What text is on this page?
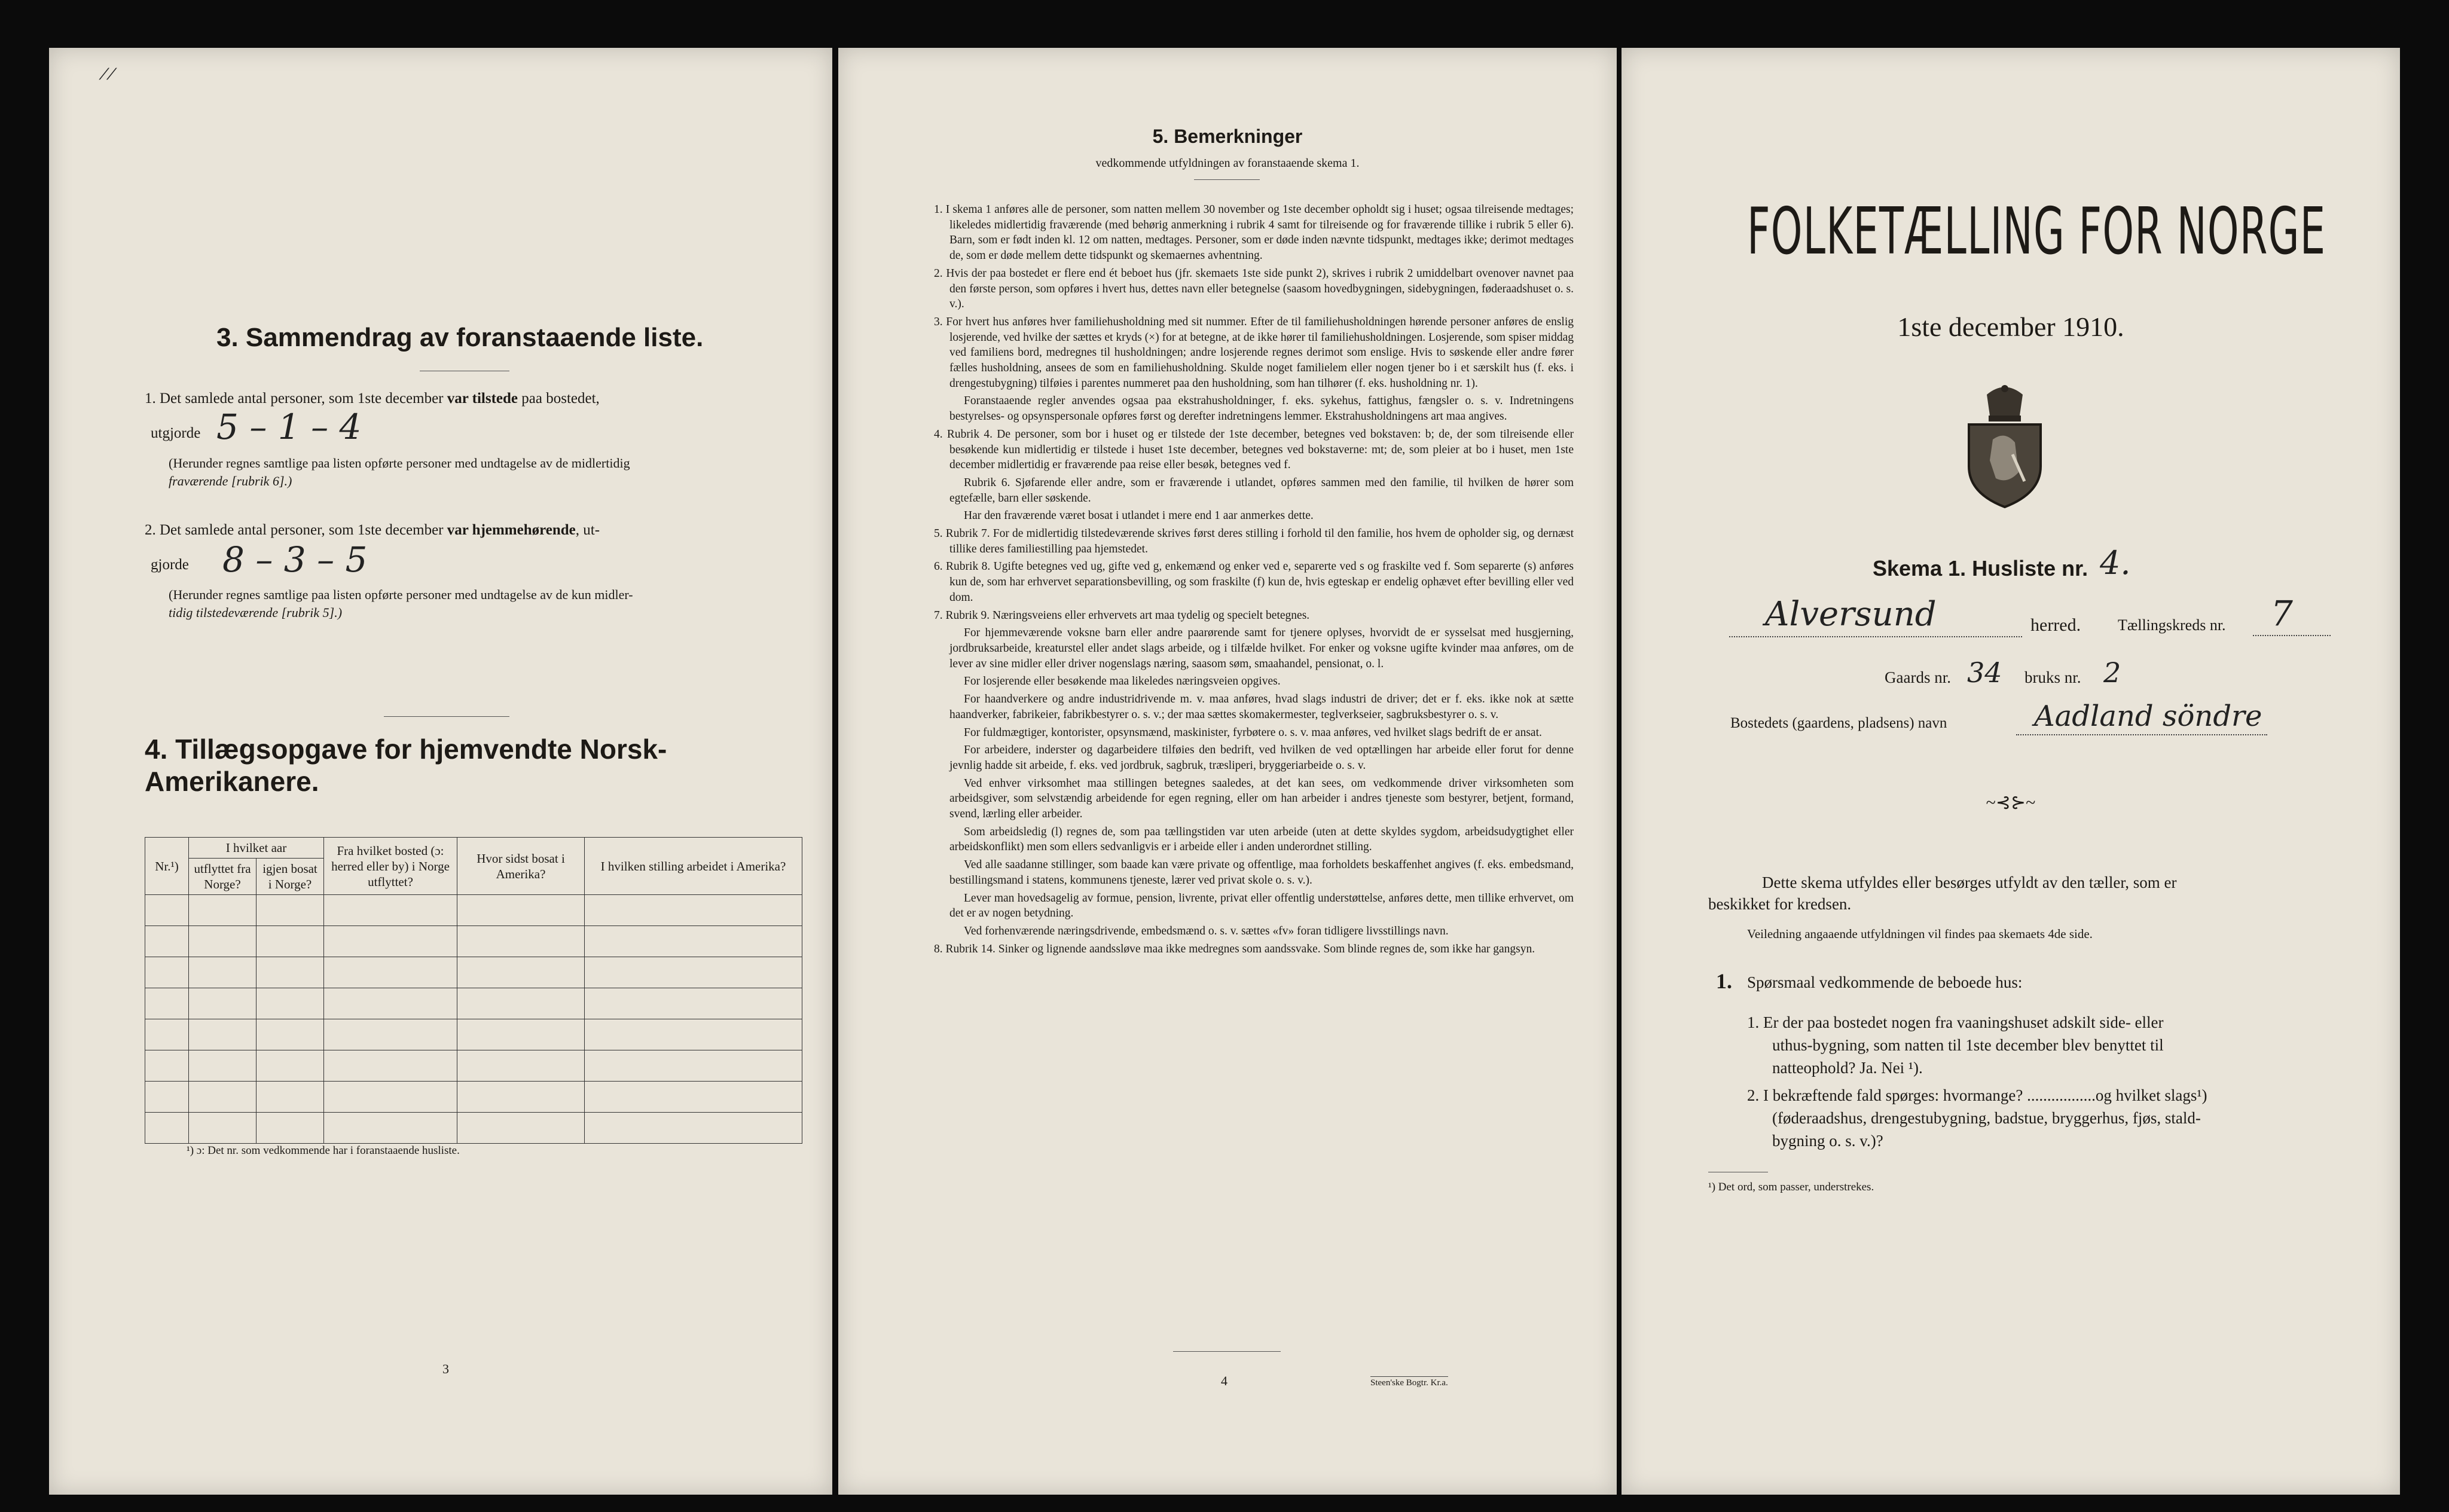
⁄ ⁄
3. Sammendrag av foranstaaende liste.
1. Det samlede antal personer, som 1ste december var tilstede paa bostedet,
utgjorde 5 – 1 – 4
(Herunder regnes samtlige paa listen opførte personer med undtagelse av de midlertidig
fraværende [rubrik 6].)
2. Det samlede antal personer, som 1ste december var hjemmehørende, ut-
gjorde 8 – 3 – 5
(Herunder regnes samtlige paa listen opførte personer med undtagelse av de kun midler-
tidig tilstedeværende [rubrik 5].)
4. Tillægsopgave for hjemvendte Norsk-Amerikanere.
Nr.¹)	I hvilket aar		Fra hvilket bosted (ɔ: herred eller by) i Norge utflyttet?	Hvor sidst bosat i Amerika?	I hvilken stilling arbeidet i Amerika?
	utflyttet fra Norge?	igjen bosat i Norge?			

¹) ɔ: Det nr. som vedkommende har i foranstaaende husliste.
3
5. Bemerkninger
vedkommende utfyldningen av foranstaaende skema 1.
1. I skema 1 anføres alle de personer, som natten mellem 30 november og 1ste december opholdt sig i huset; ogsaa tilreisende medtages; likeledes midlertidig fraværende (med behørig anmerkning i rubrik 4 samt for tilreisende og for fraværende tillike i rubrik 5 eller 6). Barn, som er født inden kl. 12 om natten, medtages. Personer, som er døde inden nævnte tidspunkt, medtages ikke; derimot medtages de, som er døde mellem dette tidspunkt og skemaernes avhentning.
2. Hvis der paa bostedet er flere end ét beboet hus (jfr. skemaets 1ste side punkt 2), skrives i rubrik 2 umiddelbart ovenover navnet paa den første person, som opføres i hvert hus, dettes navn eller betegnelse (saasom hovedbygningen, sidebygningen, føderaadshuset o. s. v.).
3. For hvert hus anføres hver familiehusholdning med sit nummer. Efter de til familiehusholdningen hørende personer anføres de enslig losjerende, ved hvilke der sættes et kryds (×) for at betegne, at de ikke hører til familiehusholdningen. Losjerende, som spiser middag ved familiens bord, medregnes til husholdningen; andre losjerende regnes derimot som enslige. Hvis to søskende eller andre fører fælles husholdning, ansees de som en familiehusholdning. Skulde noget familielem eller nogen tjener bo i et særskilt hus (f. eks. i drengestubygning) tilføies i parentes nummeret paa den husholdning, som han tilhører (f. eks. husholdning nr. 1).
Foranstaaende regler anvendes ogsaa paa ekstrahusholdninger, f. eks. sykehus, fattighus, fængsler o. s. v. Indretningens bestyrelses- og opsynspersonale opføres først og derefter indretningens lemmer. Ekstrahusholdningens art maa angives.
4. Rubrik 4. De personer, som bor i huset og er tilstede der 1ste december, betegnes ved bokstaven: b; de, der som tilreisende eller besøkende kun midlertidig er tilstede i huset 1ste december, betegnes ved bokstaverne: mt; de, som pleier at bo i huset, men 1ste december midlertidig er fraværende paa reise eller besøk, betegnes ved f.
Rubrik 6. Sjøfarende eller andre, som er fraværende i utlandet, opføres sammen med den familie, til hvilken de hører som egtefælle, barn eller søskende.
Har den fraværende været bosat i utlandet i mere end 1 aar anmerkes dette.
5. Rubrik 7. For de midlertidig tilstedeværende skrives først deres stilling i forhold til den familie, hos hvem de opholder sig, og dernæst tillike deres familiestilling paa hjemstedet.
6. Rubrik 8. Ugifte betegnes ved ug, gifte ved g, enkemænd og enker ved e, separerte ved s og fraskilte ved f. Som separerte (s) anføres kun de, som har erhvervet separationsbevilling, og som fraskilte (f) kun de, hvis egteskap er endelig ophævet efter bevilling eller ved dom.
7. Rubrik 9. Næringsveiens eller erhvervets art maa tydelig og specielt betegnes.
For hjemmeværende voksne barn eller andre paarørende samt for tjenere oplyses, hvorvidt de er sysselsat med husgjerning, jordbruksarbeide, kreaturstel eller andet slags arbeide, og i tilfælde hvilket. For enker og voksne ugifte kvinder maa anføres, om de lever av sine midler eller driver nogenslags næring, saasom søm, smaahandel, pensionat, o. l.
For losjerende eller besøkende maa likeledes næringsveien opgives.
For haandverkere og andre industridrivende m. v. maa anføres, hvad slags industri de driver; det er f. eks. ikke nok at sætte haandverker, fabrikeier, fabrikbestyrer o. s. v.; der maa sættes skomakermester, teglverkseier, sagbruksbestyrer o. s. v.
For fuldmægtiger, kontorister, opsynsmænd, maskinister, fyrbøtere o. s. v. maa anføres, ved hvilket slags bedrift de er ansat.
For arbeidere, inderster og dagarbeidere tilføies den bedrift, ved hvilken de ved optællingen har arbeide eller forut for denne jevnlig hadde sit arbeide, f. eks. ved jordbruk, sagbruk, træsliperi, bryggeriarbeide o. s. v.
Ved enhver virksomhet maa stillingen betegnes saaledes, at det kan sees, om vedkommende driver virksomheten som arbeidsgiver, som selvstændig arbeidende for egen regning, eller om han arbeider i andres tjeneste som bestyrer, betjent, formand, svend, lærling eller arbeider.
Som arbeidsledig (l) regnes de, som paa tællingstiden var uten arbeide (uten at dette skyldes sygdom, arbeidsudygtighet eller arbeidskonflikt) men som ellers sedvanligvis er i arbeide eller i anden underordnet stilling.
Ved alle saadanne stillinger, som baade kan være private og offentlige, maa forholdets beskaffenhet angives (f. eks. embedsmand, bestillingsmand i statens, kommunens tjeneste, lærer ved privat skole o. s. v.).
Lever man hovedsagelig av formue, pension, livrente, privat eller offentlig understøttelse, anføres dette, men tillike erhvervet, om det er av nogen betydning.
Ved forhenværende næringsdrivende, embedsmænd o. s. v. sættes «fv» foran tidligere livsstillings navn.
8. Rubrik 14. Sinker og lignende aandssløve maa ikke medregnes som aandssvake. Som blinde regnes de, som ikke har gangsyn.
4	Steen'ske Bogtr. Kr.a.
FOLKETÆLLING FOR NORGE
1ste december 1910.
Skema 1. Husliste nr. 4.
Alversund	herred. Tællingskreds nr. 7
Gaards nr. 34 bruks nr. 2
Bostedets (gaardens, pladsens) navn	Aadland söndre
~⊰⊱~
Dette skema utfyldes eller besørges utfyldt av den tæller, som er
beskikket for kredsen.
Veiledning angaaende utfyldningen vil findes paa skemaets 4de side.
1. Spørsmaal vedkommende de beboede hus:
1. Er der paa bostedet nogen fra vaaningshuset adskilt side- eller
uthus-bygning, som natten til 1ste december blev benyttet til
natteophold? Ja. Nei ¹).
2. I bekræftende fald spørges: hvormange? .................og hvilket slags¹)
(føderaadshus, drengestubygning, badstue, bryggerhus, fjøs, stald-
bygning o. s. v.)?
¹) Det ord, som passer, understrekes.
